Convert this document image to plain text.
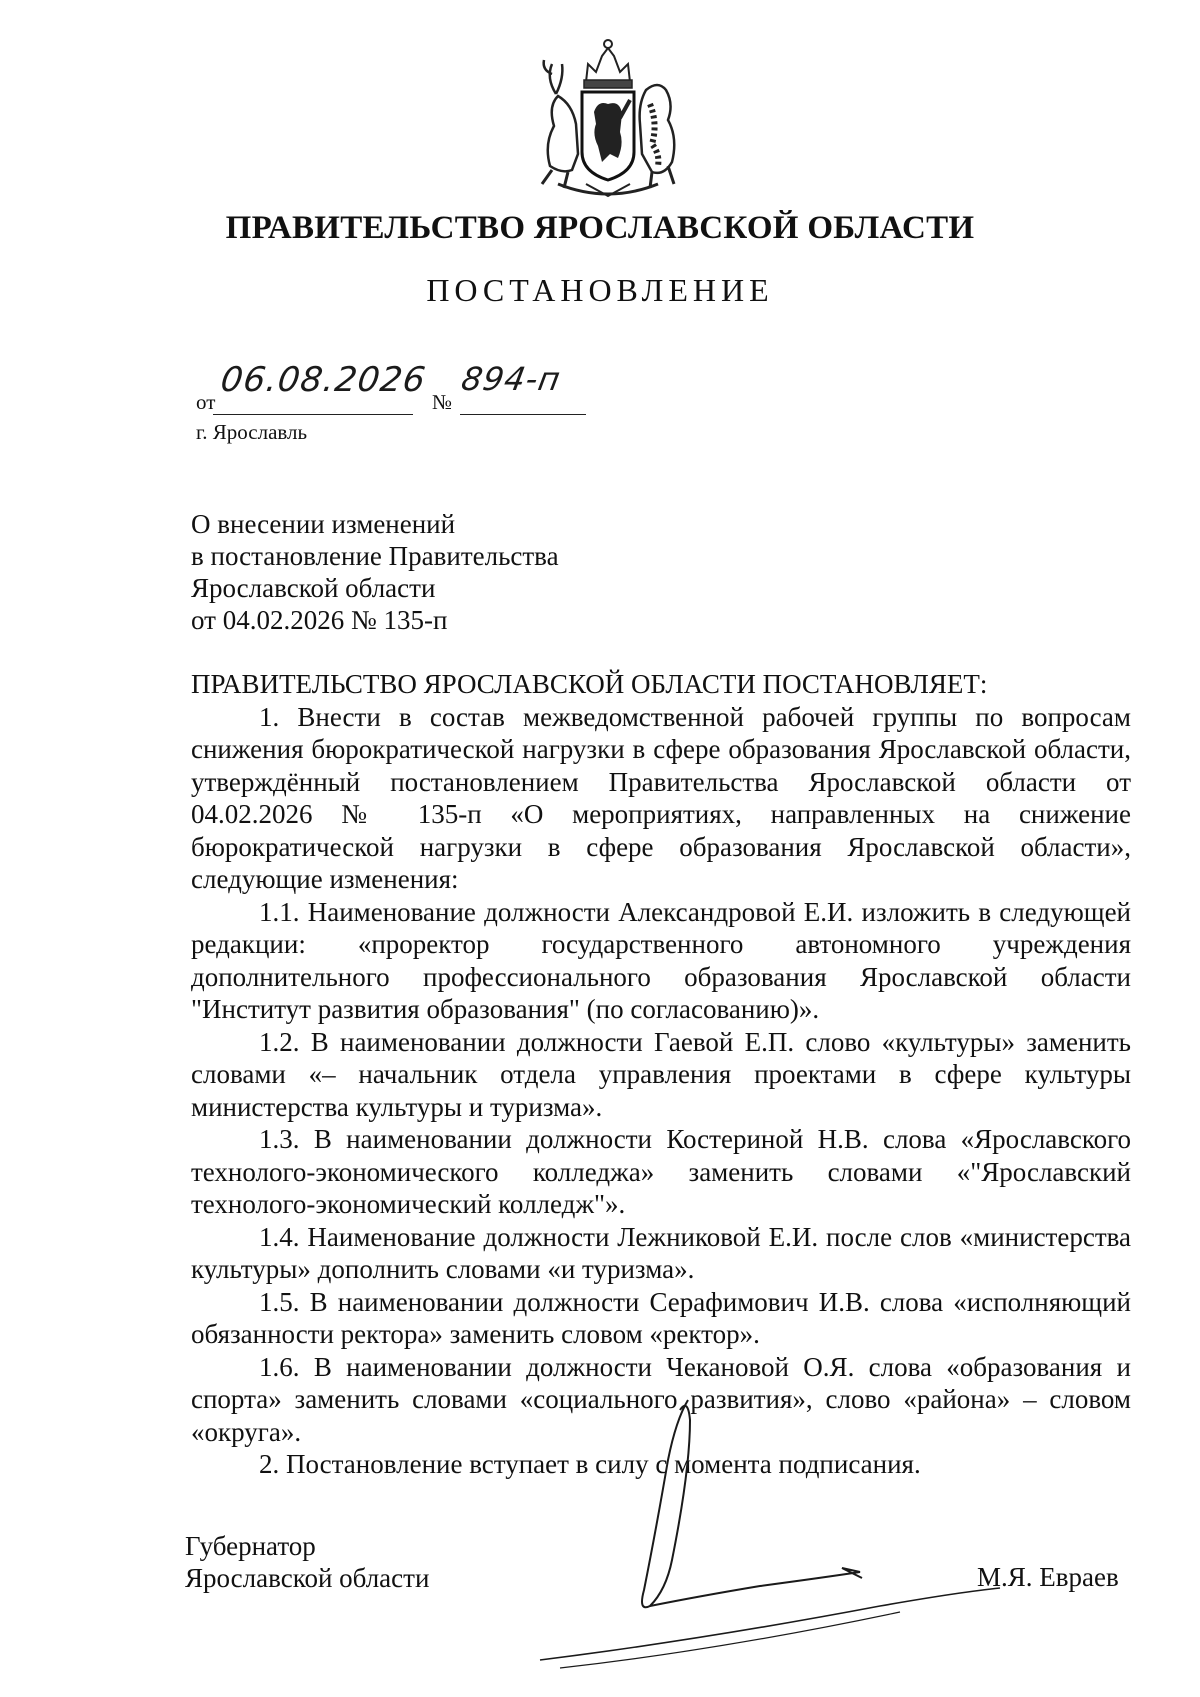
ПРАВИТЕЛЬСТВО ЯРОСЛАВСКОЙ ОБЛАСТИ
ПОСТАНОВЛЕНИЕ
от
06.08.2026
№
894-п
г. Ярославль
О внесении изменений
в постановление Правительства
Ярославской области
от 04.02.2026 № 135-п

ПРАВИТЕЛЬСТВО ЯРОСЛАВСКОЙ ОБЛАСТИ ПОСТАНОВЛЯЕТ:

1. Внести в состав межведомственной рабочей группы по вопросам снижения бюрократической нагрузки в сфере образования Ярославской области, утверждённый постановлением Правительства Ярославской области от 04.02.2026 № 135-п «О мероприятиях, направленных на снижение бюрократической нагрузки в сфере образования Ярославской области», следующие изменения:

1.1. Наименование должности Александровой Е.И. изложить в следующей редакции: «проректор государственного автономного учреждения дополнительного профессионального образования Ярославской области "Институт развития образования" (по согласованию)».

1.2. В наименовании должности Гаевой Е.П. слово «культуры» заменить словами «– начальник отдела управления проектами в сфере культуры министерства культуры и туризма».

1.3. В наименовании должности Костериной Н.В. слова «Ярославского технолого-экономического колледжа» заменить словами «"Ярославский технолого-экономический колледж"».

1.4. Наименование должности Лежниковой Е.И. после слов «министерства культуры» дополнить словами «и туризма».

1.5. В наименовании должности Серафимович И.В. слова «исполняющий обязанности ректора» заменить словом «ректор».

1.6. В наименовании должности Чекановой О.Я. слова «образования и спорта» заменить словами «социального развития», слово «района» – словом «округа».

2. Постановление вступает в силу с момента подписания.

Губернатор
Ярославской области	М.Я. Евраев
